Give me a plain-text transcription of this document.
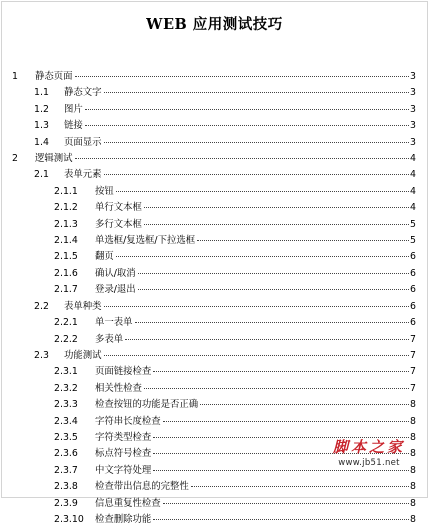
WEB 应用测试技巧
1 静态页面	3
1.1 静态文字	3
1.2 图片	3
1.3 链接	3
1.4 页面显示	3
2 逻辑测试	4
2.1 表单元素	4
2.1.1 按钮	4
2.1.2 单行文本框	4
2.1.3 多行文本框	5
2.1.4 单选框/复选框/下拉选框	5
2.1.5 翻页	6
2.1.6 确认/取消	6
2.1.7 登录/退出	6
2.2 表单种类	6
2.2.1 单一表单	6
2.2.2 多表单	7
2.3 功能测试	7
2.3.1 页面链接检查	7
2.3.2 相关性检查	7
2.3.3 检查按钮的功能是否正确	8
2.3.4 字符串长度检查	8
2.3.5 字符类型检查	8
2.3.6 标点符号检查	8
2.3.7 中文字符处理	8
2.3.8 检查带出信息的完整性	8
2.3.9 信息重复性检查	8
2.3.10 检查删除功能	8
脚本之家
www.jb51.net
